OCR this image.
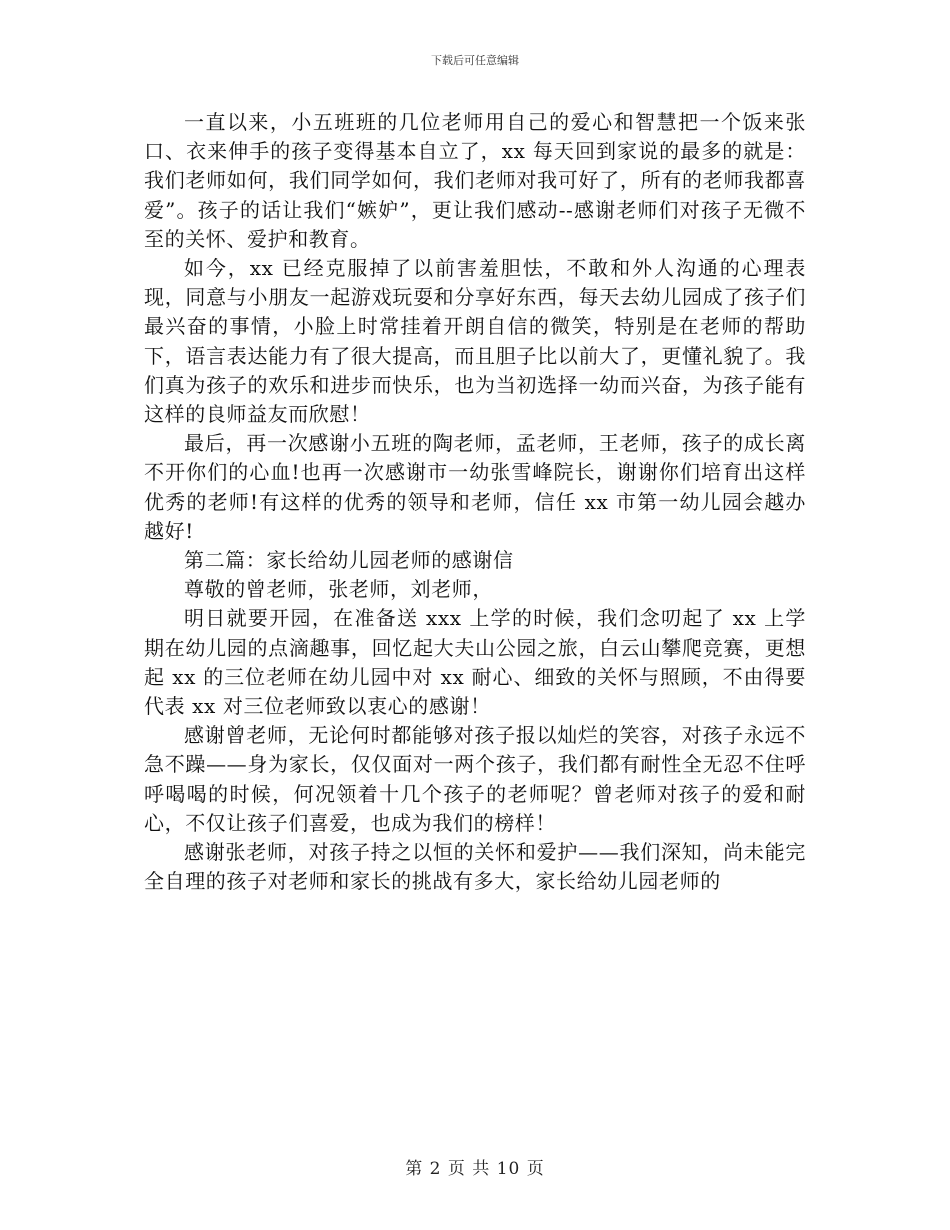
下载后可任意编辑

一直以来，小五班班的几位老师用自己的爱心和智慧把一个饭来张口、衣来伸手的孩子变得基本自立了，xx 每天回到家说的最多的就是：我们老师如何，我们同学如何，我们老师对我可好了，所有的老师我都喜爱”。孩子的话让我们“嫉妒”，更让我们感动--感谢老师们对孩子无微不至的关怀、爱护和教育。

如今，xx 已经克服掉了以前害羞胆怯，不敢和外人沟通的心理表现，同意与小朋友一起游戏玩耍和分享好东西，每天去幼儿园成了孩子们最兴奋的事情，小脸上时常挂着开朗自信的微笑，特别是在老师的帮助下，语言表达能力有了很大提高，而且胆子比以前大了，更懂礼貌了。我们真为孩子的欢乐和进步而快乐，也为当初选择一幼而兴奋，为孩子能有这样的良师益友而欣慰！

最后，再一次感谢小五班的陶老师，孟老师，王老师，孩子的成长离不开你们的心血!也再一次感谢市一幼张雪峰院长，谢谢你们培育出这样优秀的老师!有这样的优秀的领导和老师，信任 xx 市第一幼儿园会越办越好!

第二篇：家长给幼儿园老师的感谢信

尊敬的曾老师，张老师，刘老师，

明日就要开园，在准备送 xxx 上学的时候，我们念叨起了 xx 上学期在幼儿园的点滴趣事，回忆起大夫山公园之旅，白云山攀爬竞赛，更想起 xx 的三位老师在幼儿园中对 xx 耐心、细致的关怀与照顾，不由得要代表 xx 对三位老师致以衷心的感谢！

感谢曾老师，无论何时都能够对孩子报以灿烂的笑容，对孩子永远不急不躁——身为家长，仅仅面对一两个孩子，我们都有耐性全无忍不住呼呼喝喝的时候，何况领着十几个孩子的老师呢？曾老师对孩子的爱和耐心，不仅让孩子们喜爱，也成为我们的榜样！

感谢张老师，对孩子持之以恒的关怀和爱护——我们深知，尚未能完全自理的孩子对老师和家长的挑战有多大，家长给幼儿园老师的

第 2 页 共 10 页
